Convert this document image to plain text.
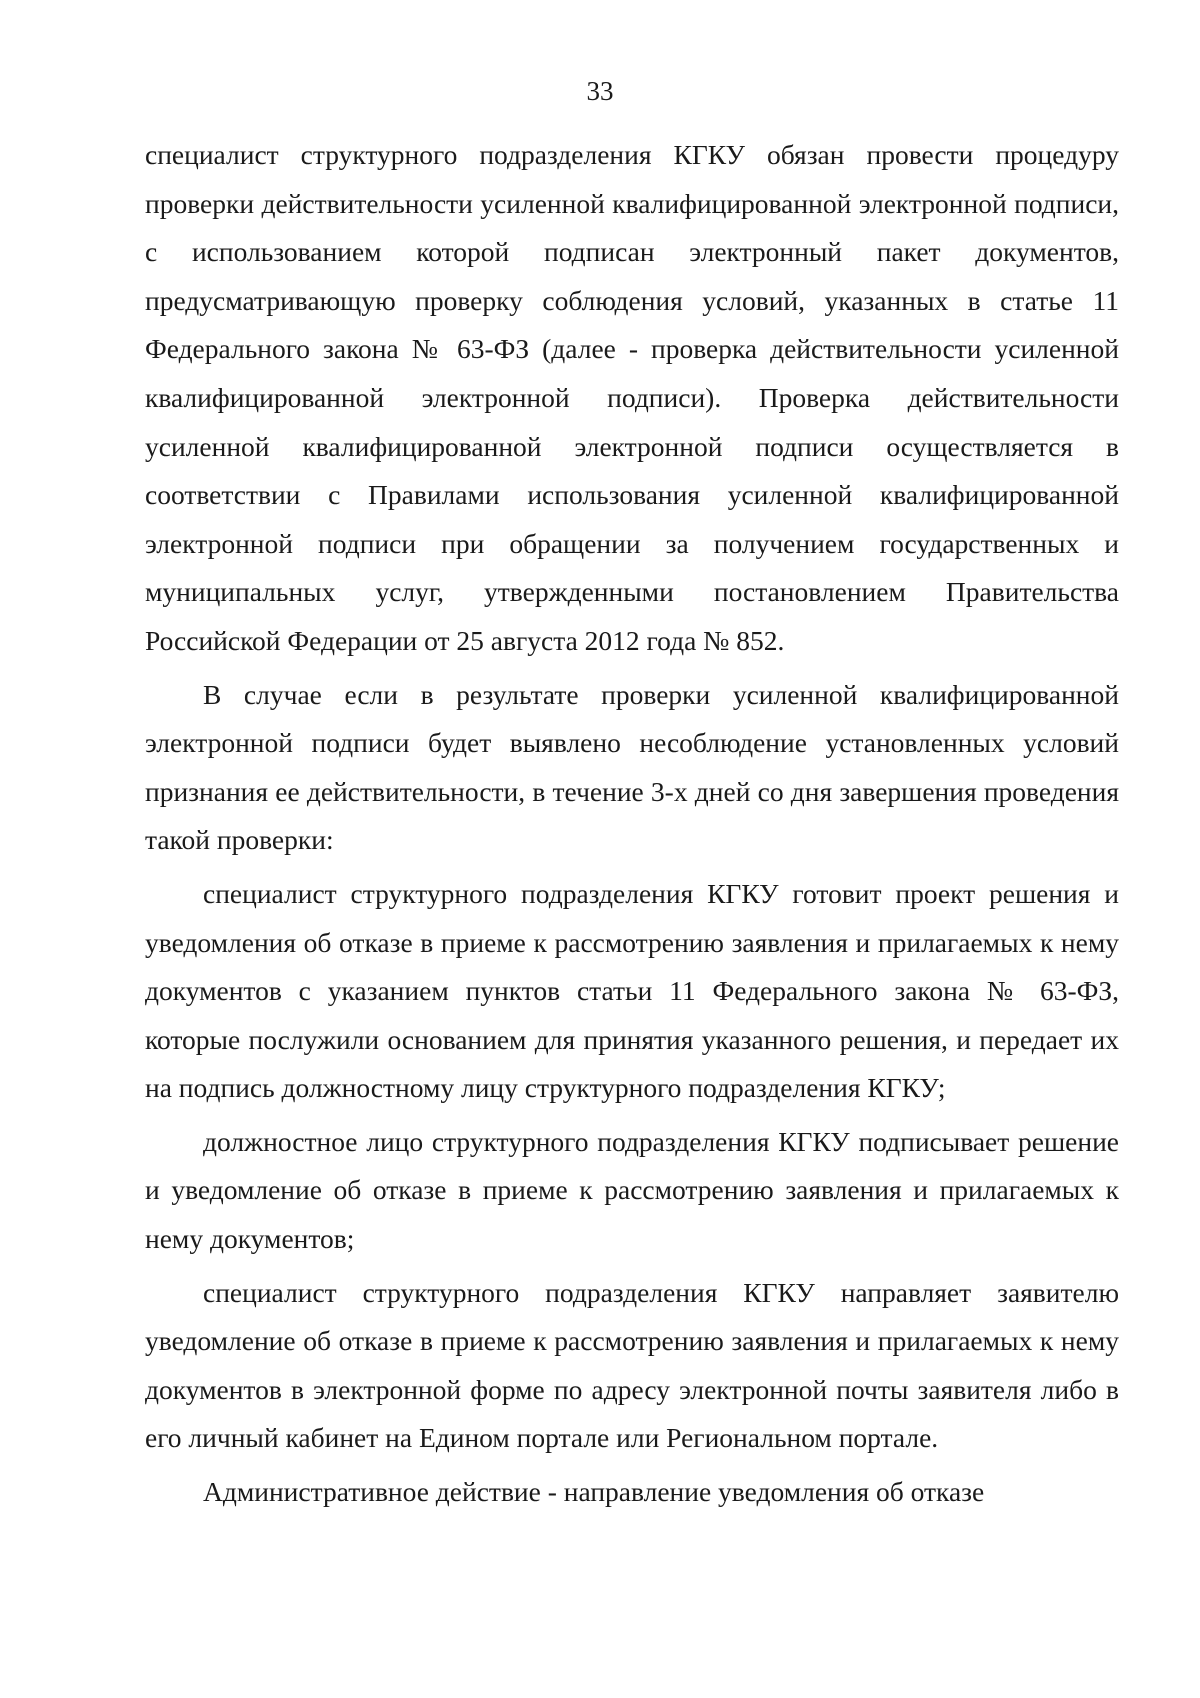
33

специалист структурного подразделения КГКУ обязан провести процедуру проверки действительности усиленной квалифицированной электронной подписи, с использованием которой подписан электронный пакет документов, предусматривающую проверку соблюдения условий, указанных в статье 11 Федерального закона № 63-ФЗ (далее - проверка действительности усиленной квалифицированной электронной подписи). Проверка действительности усиленной квалифицированной электронной подписи осуществляется в соответствии с Правилами использования усиленной квалифицированной электронной подписи при обращении за получением государственных и муниципальных услуг, утвержденными постановлением Правительства Российской Федерации от 25 августа 2012 года № 852.

В случае если в результате проверки усиленной квалифицированной электронной подписи будет выявлено несоблюдение установленных условий признания ее действительности, в течение 3-х дней со дня завершения проведения такой проверки:

специалист структурного подразделения КГКУ готовит проект решения и уведомления об отказе в приеме к рассмотрению заявления и прилагаемых к нему документов с указанием пунктов статьи 11 Федерального закона № 63-ФЗ, которые послужили основанием для принятия указанного решения, и передает их на подпись должностному лицу структурного подразделения КГКУ;

должностное лицо структурного подразделения КГКУ подписывает решение и уведомление об отказе в приеме к рассмотрению заявления и прилагаемых к нему документов;

специалист структурного подразделения КГКУ направляет заявителю уведомление об отказе в приеме к рассмотрению заявления и прилагаемых к нему документов в электронной форме по адресу электронной почты заявителя либо в его личный кабинет на Едином портале или Региональном портале.

Административное действие - направление уведомления об отказе
